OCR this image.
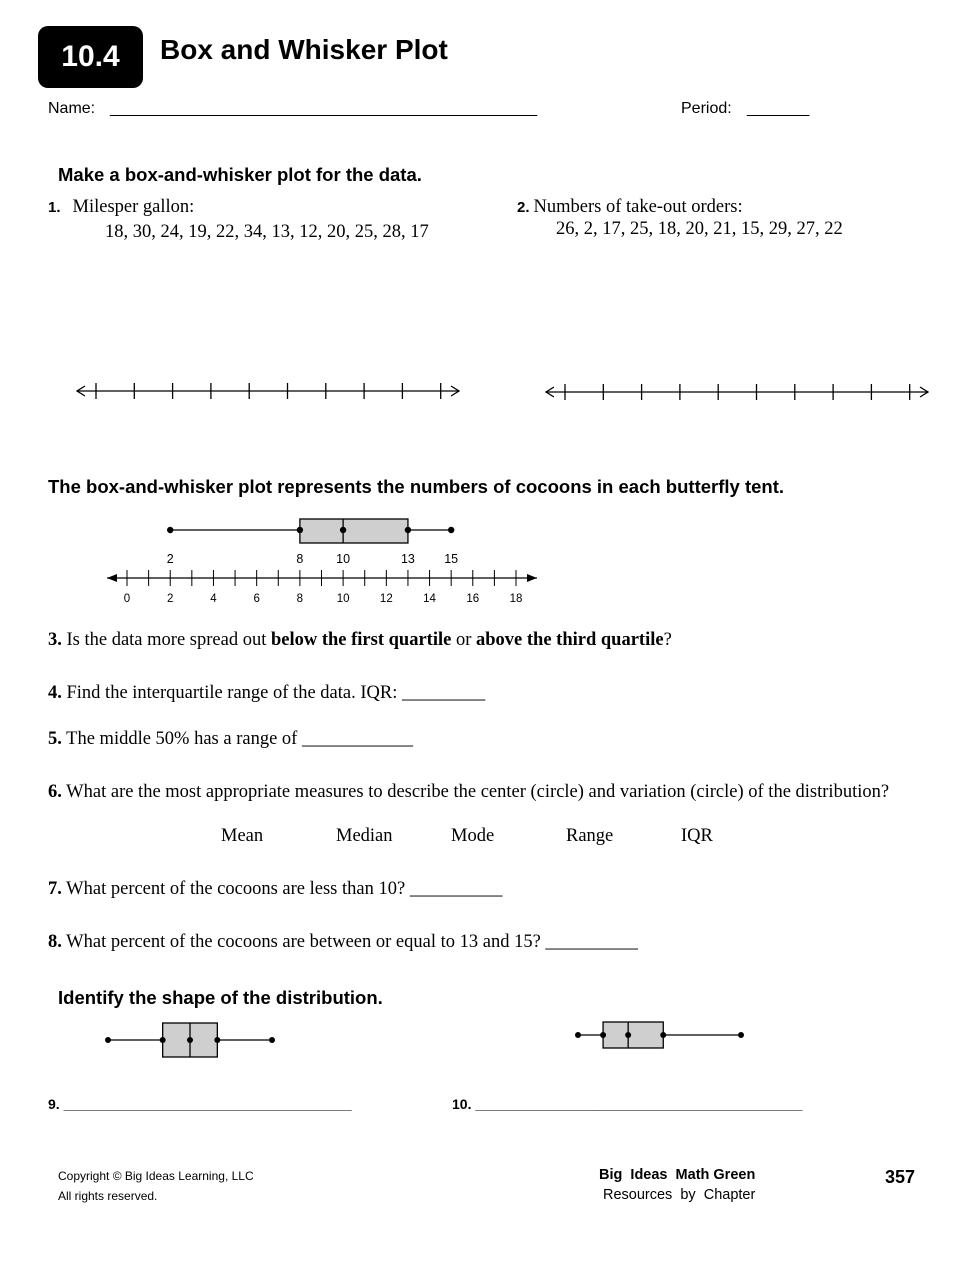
10.4	Box and Whisker Plot
Name: ________________________________________________	Period: _______
Make a box-and-whisker plot for the data.
1. Milesper gallon:
18, 30, 24, 19, 22, 34, 13, 12, 20, 25, 28, 17
2. Numbers of take-out orders:
26, 2, 17, 25, 18, 20, 21, 15, 29, 27, 22
The box-and-whisker plot represents the numbers of cocoons in each butterfly tent.
0	2	4	6	8	10	12	14	16	18
2	8	10	13 15
3. Is the data more spread out below the first quartile or above the third quartile?
4. Find the interquartile range of the data. IQR: _________
5. The middle 50% has a range of ____________
6. What are the most appropriate measures to describe the center (circle) and variation (circle) of the distribution?
Mean	Median	Mode	Range	IQR
7. What percent of the cocoons are less than 10? __________
8. What percent of the cocoons are between or equal to 13 and 15? __________
Identify the shape of the distribution.
9. _____________________________________	10. __________________________________________
Copyright © Big Ideas Learning, LLC
All rights reserved.
Big  Ideas  Math Green
Resources  by  Chapter
357
